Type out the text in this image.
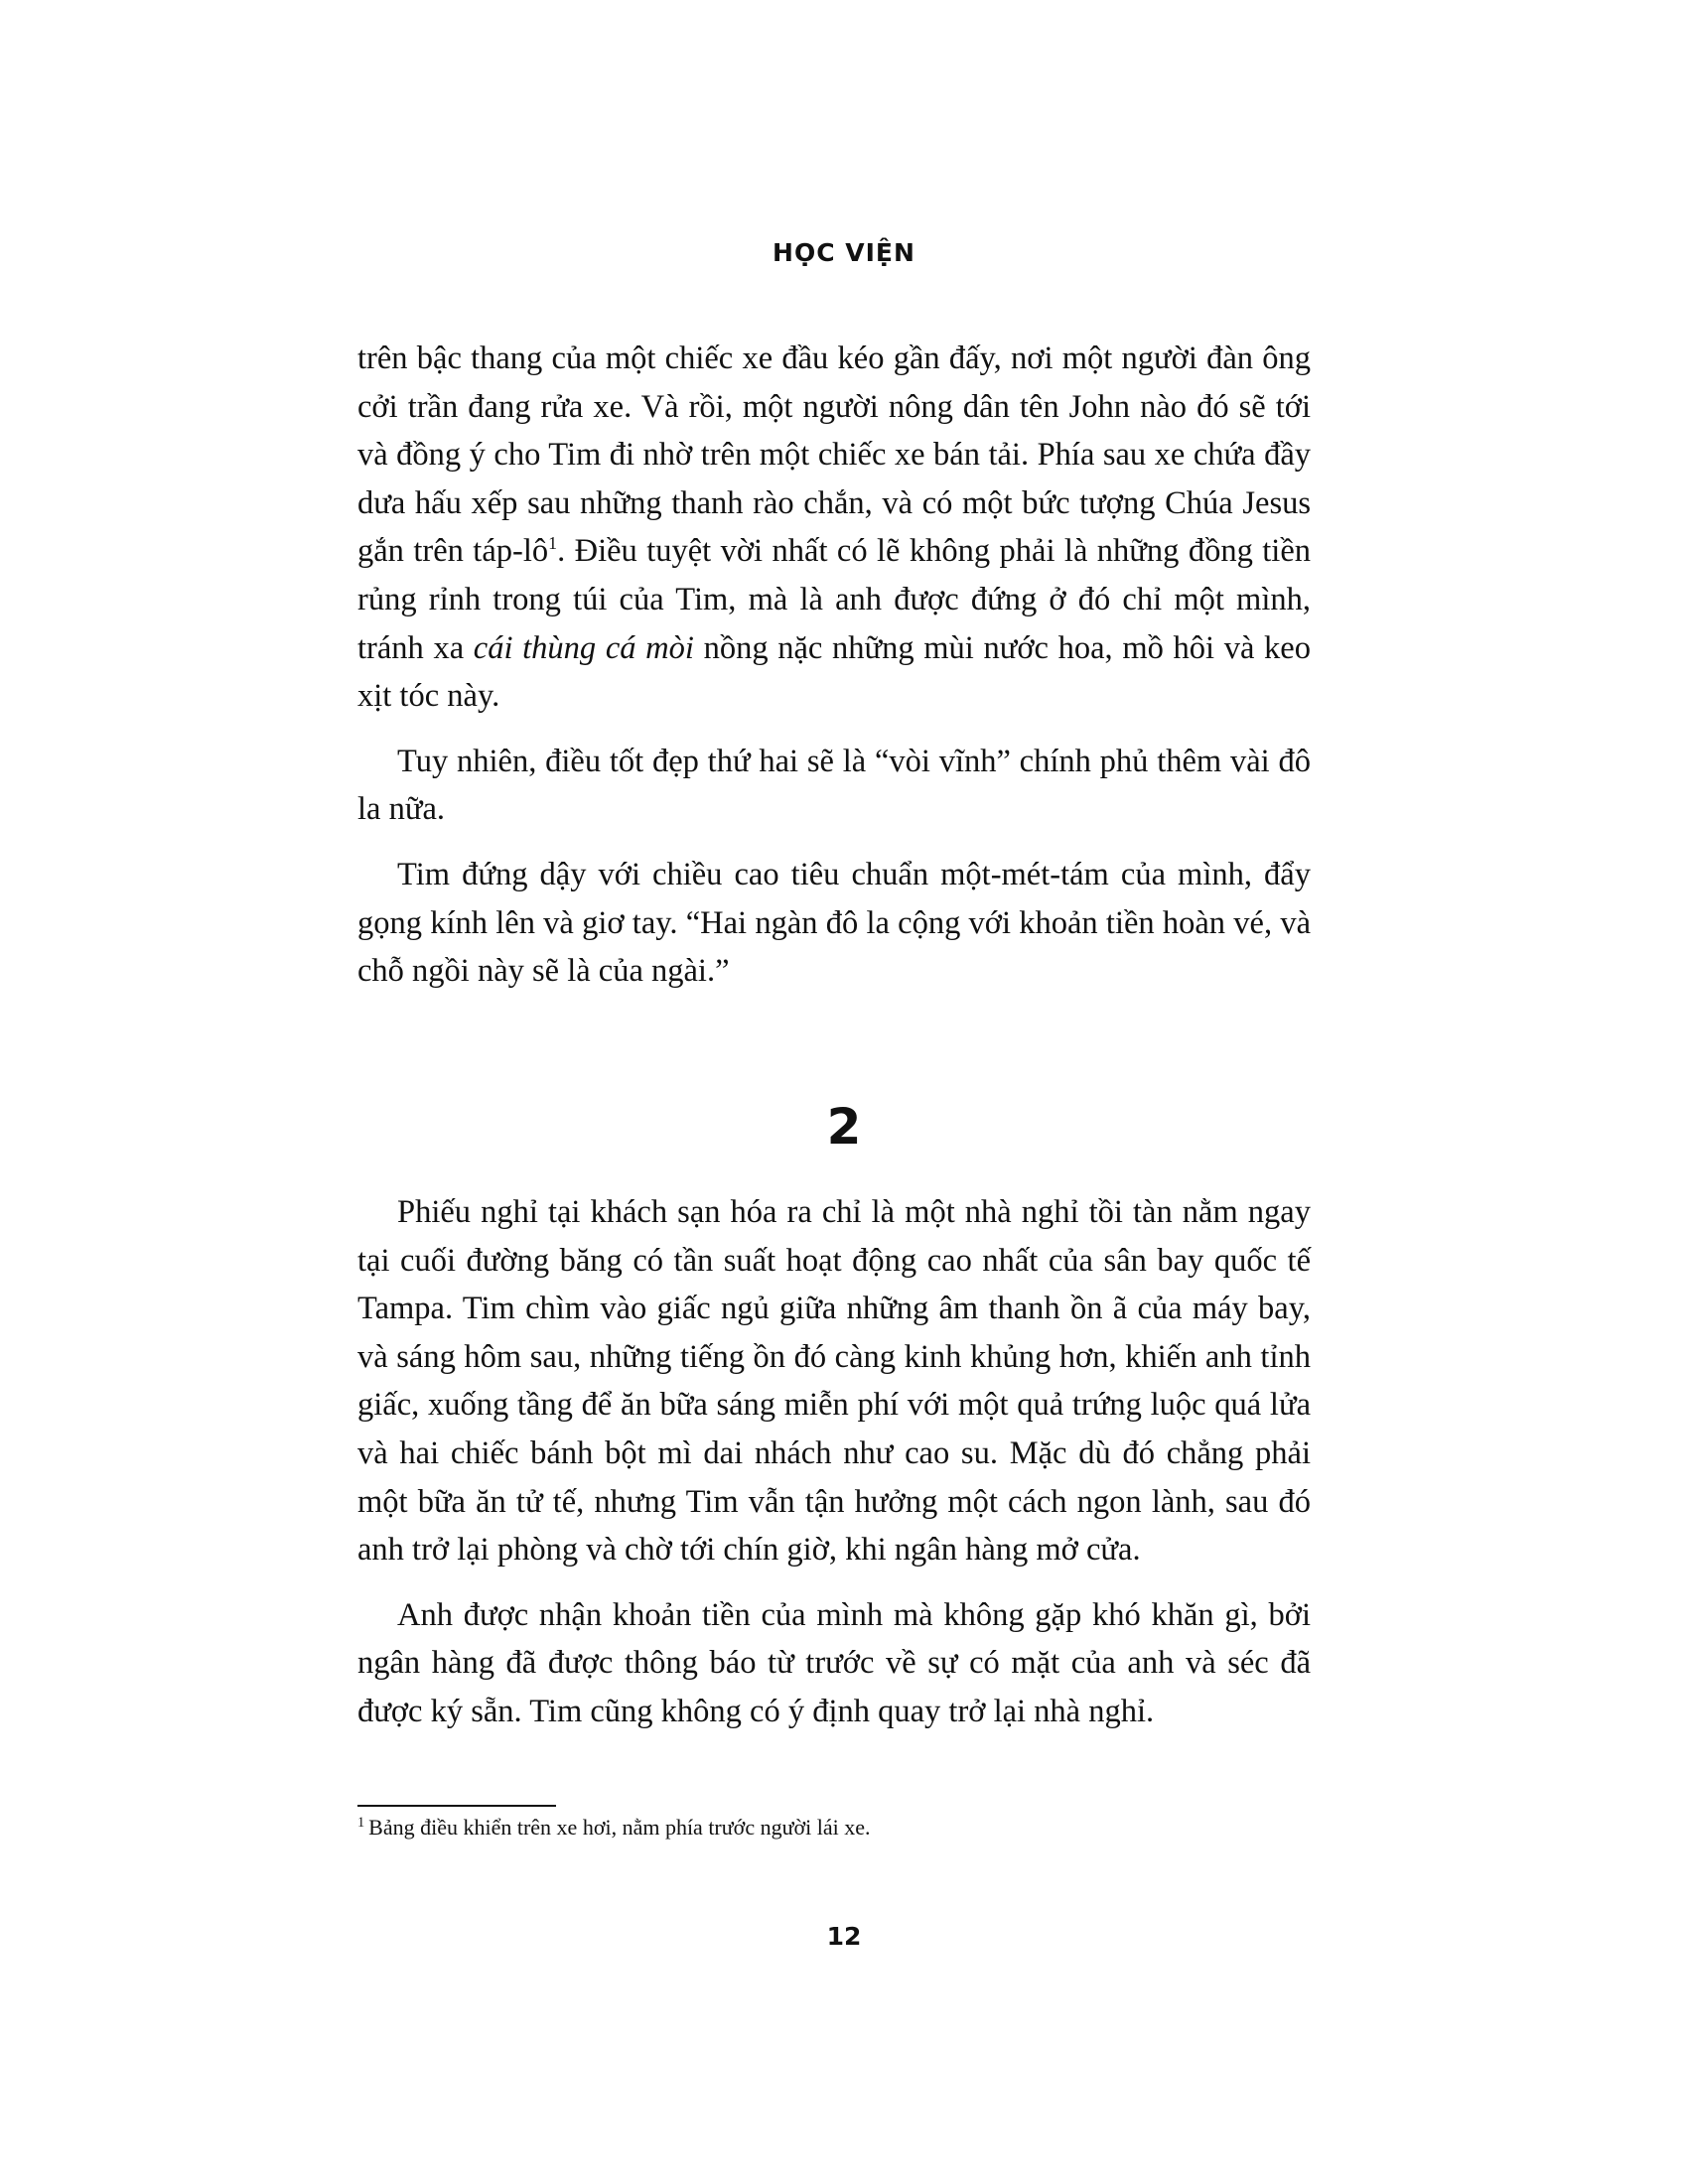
HỌC VIỆN

trên bậc thang của một chiếc xe đầu kéo gần đấy, nơi một người đàn ông cởi trần đang rửa xe. Và rồi, một người nông dân tên John nào đó sẽ tới và đồng ý cho Tim đi nhờ trên một chiếc xe bán tải. Phía sau xe chứa đầy dưa hấu xếp sau những thanh rào chắn, và có một bức tượng Chúa Jesus gắn trên táp-$lô^1$. Điều tuyệt vời nhất có lẽ không phải là những đồng tiền rủng rỉnh trong túi của Tim, mà là anh được đứng ở đó chỉ một mình, tránh xa cái thùng cá mòi nồng nặc những mùi nước hoa, mồ hôi và keo xịt tóc này.

Tuy nhiên, điều tốt đẹp thứ hai sẽ là “vòi vĩnh” chính phủ thêm vài đô la nữa.

Tim đứng dậy với chiều cao tiêu chuẩn một-mét-tám của mình, đẩy gọng kính lên và giơ tay. “Hai ngàn đô la cộng với khoản tiền hoàn vé, và chỗ ngồi này sẽ là của ngài.”

2

Phiếu nghỉ tại khách sạn hóa ra chỉ là một nhà nghỉ tồi tàn nằm ngay tại cuối đường băng có tần suất hoạt động cao nhất của sân bay quốc tế Tampa. Tim chìm vào giấc ngủ giữa những âm thanh ồn ã của máy bay, và sáng hôm sau, những tiếng ồn đó càng kinh khủng hơn, khiến anh tỉnh giấc, xuống tầng để ăn bữa sáng miễn phí với một quả trứng luộc quá lửa và hai chiếc bánh bột mì dai nhách như cao su. Mặc dù đó chẳng phải một bữa ăn tử tế, nhưng Tim vẫn tận hưởng một cách ngon lành, sau đó anh trở lại phòng và chờ tới chín giờ, khi ngân hàng mở cửa.

Anh được nhận khoản tiền của mình mà không gặp khó khăn gì, bởi ngân hàng đã được thông báo từ trước về sự có mặt của anh và séc đã được ký sẵn. Tim cũng không có ý định quay trở lại nhà nghỉ.

$^1$ Bảng điều khiển trên xe hơi, nằm phía trước người lái xe.
12
